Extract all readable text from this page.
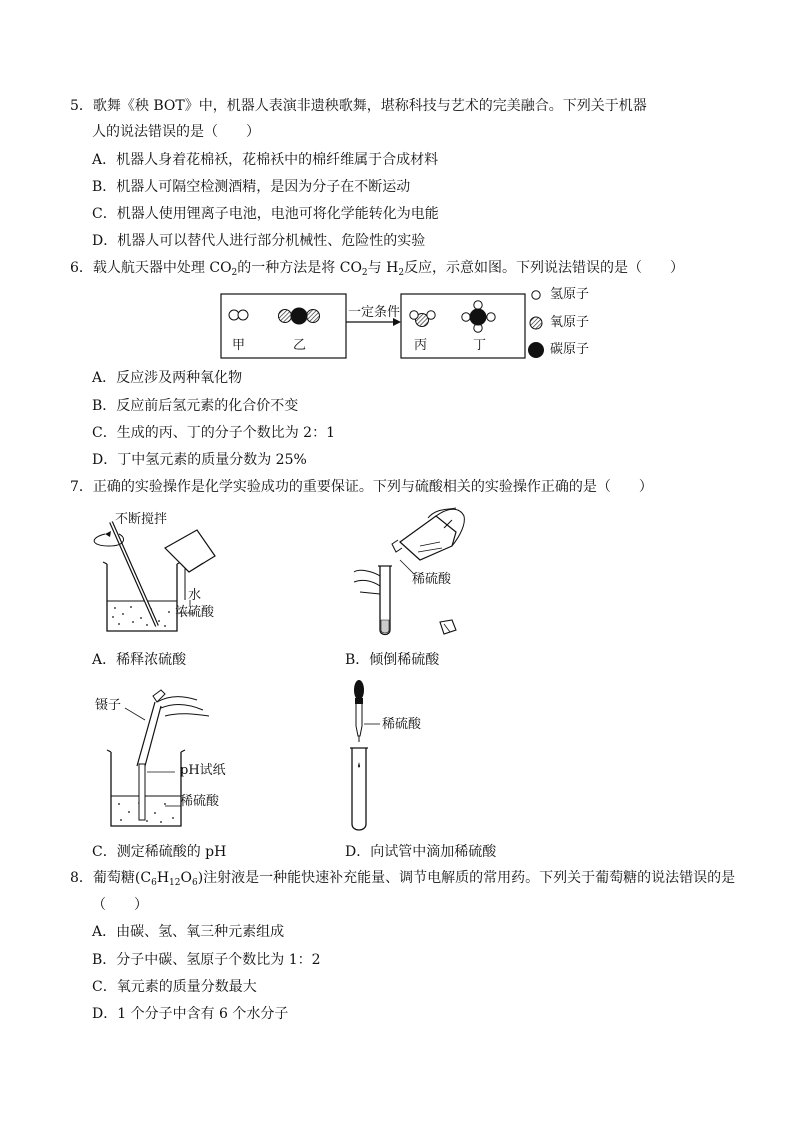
5．歌舞《秧 BOT》中，机器人表演非遗秧歌舞，堪称科技与艺术的完美融合。下列关于机器
人的说法错误的是（　　）
A．机器人身着花棉袄，花棉袄中的棉纤维属于合成材料
B．机器人可隔空检测酒精，是因为分子在不断运动
C．机器人使用锂离子电池，电池可将化学能转化为电能
D．机器人可以替代人进行部分机械性、危险性的实验
6．载人航天器中处理 $CO_2$的一种方法是将 $CO_2$与 $H_2$反应，示意如图。下列说法错误的是（　　）
甲	乙
一定条件
丙	丁
氢原子
氧原子
碳原子
A．反应涉及两种氧化物
B．反应前后氢元素的化合价不变
C．生成的丙、丁的分子个数比为 2：1
D．丁中氢元素的质量分数为 25%
7．正确的实验操作是化学实验成功的重要保证。下列与硫酸相关的实验操作正确的是（　　）
不断搅拌
水
浓硫酸
A．稀释浓硫酸
稀硫酸
B．倾倒稀硫酸
镊子
pH试纸
稀硫酸
C．测定稀硫酸的 pH
稀硫酸
D．向试管中滴加稀硫酸
8．葡萄糖$(C_6H_{12}O_6)$注射液是一种能快速补充能量、调节电解质的常用药。下列关于葡萄糖的说法错误的是
（　　）
A．由碳、氢、氧三种元素组成
B．分子中碳、氢原子个数比为 1：2
C．氧元素的质量分数最大
D．1 个分子中含有 6 个水分子
